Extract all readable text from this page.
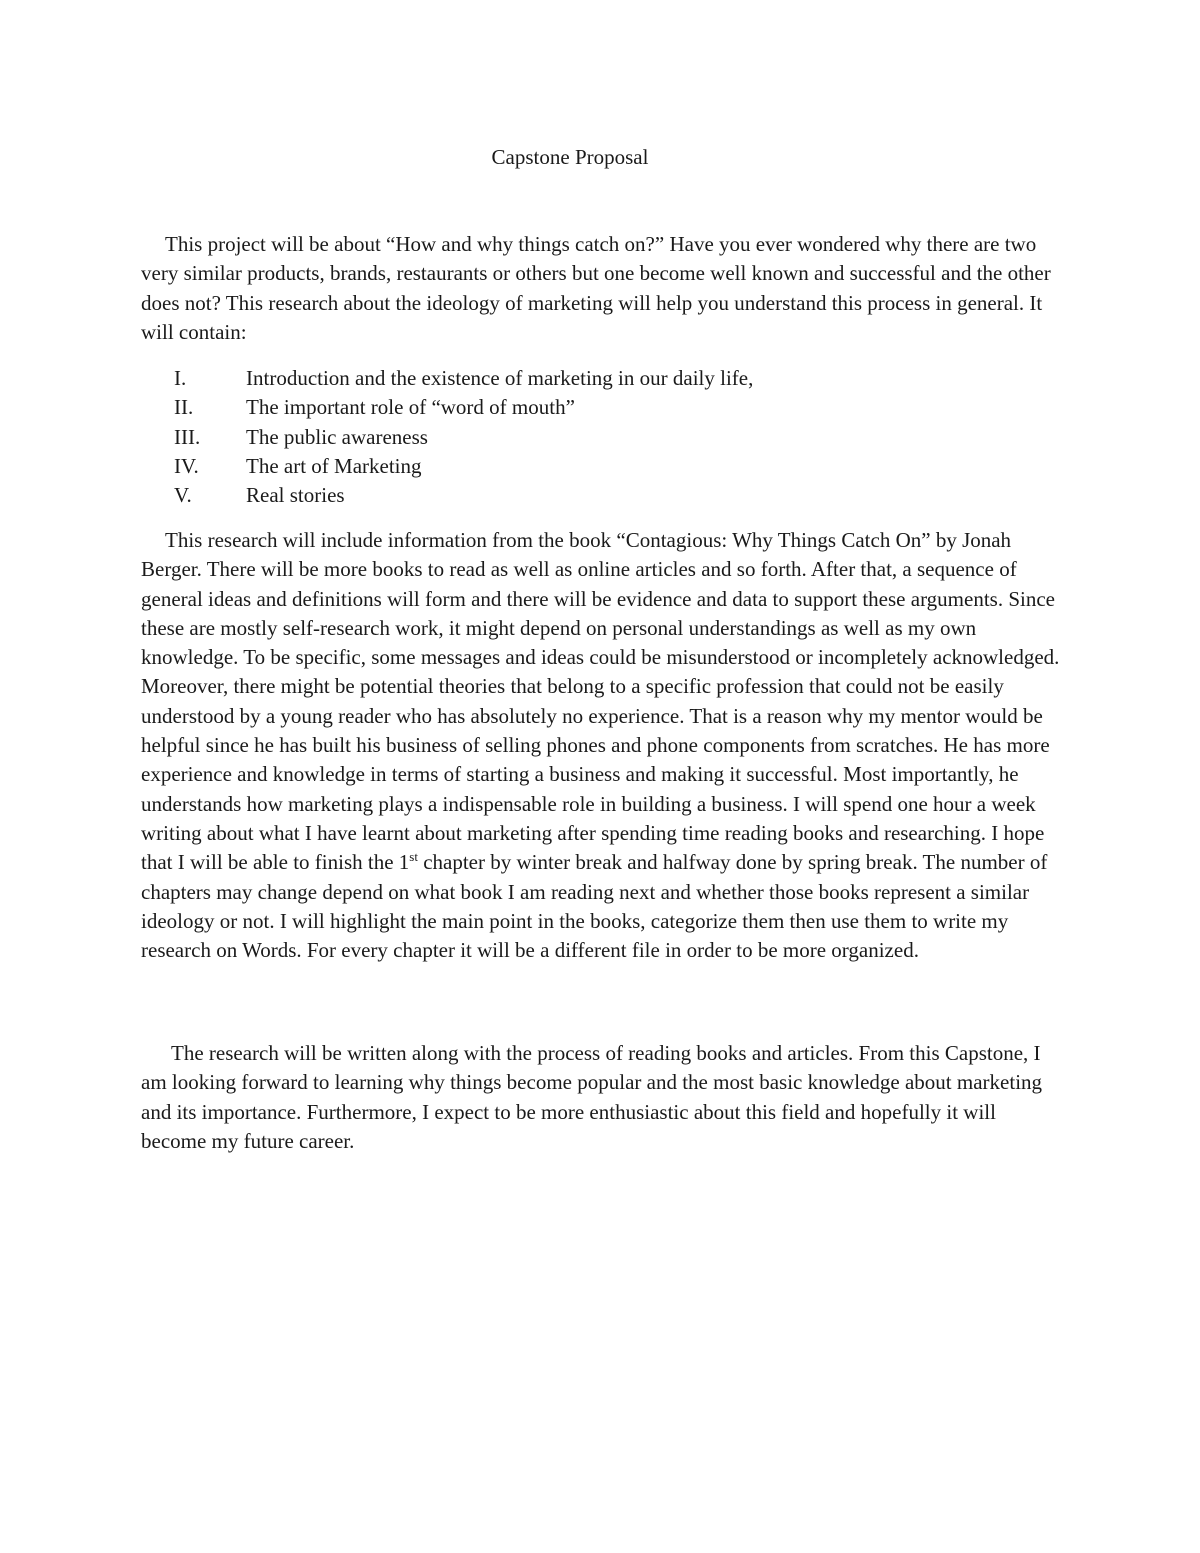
Capstone Proposal
This project will be about “How and why things catch on?” Have you ever wondered why there are two very similar products, brands, restaurants or others but one become well known and successful and the other does not? This research about the ideology of marketing will help you understand this process in general. It will contain:
I.	Introduction and the existence of marketing in our daily life,
II.	The important role of “word of mouth”
III.	The public awareness
IV.	The art of Marketing
V.	Real stories
This research will include information from the book “Contagious: Why Things Catch On” by Jonah Berger. There will be more books to read as well as online articles and so forth. After that, a sequence of general ideas and definitions will form and there will be evidence and data to support these arguments. Since these are mostly self-research work, it might depend on personal understandings as well as my own knowledge. To be specific, some messages and ideas could be misunderstood or incompletely acknowledged. Moreover, there might be potential theories that belong to a specific profession that could not be easily understood by a young reader who has absolutely no experience. That is a reason why my mentor would be helpful since he has built his business of selling phones and phone components from scratches. He has more experience and knowledge in terms of starting a business and making it successful. Most importantly, he understands how marketing plays a indispensable role in building a business. I will spend one hour a week writing about what I have learnt about marketing after spending time reading books and researching. I hope that I will be able to finish the 1st chapter by winter break and halfway done by spring break. The number of chapters may change depend on what book I am reading next and whether those books represent a similar ideology or not. I will highlight the main point in the books, categorize them then use them to write my research on Words. For every chapter it will be a different file in order to be more organized.
The research will be written along with the process of reading books and articles. From this Capstone, I am looking forward to learning why things become popular and the most basic knowledge about marketing and its importance. Furthermore, I expect to be more enthusiastic about this field and hopefully it will become my future career.
